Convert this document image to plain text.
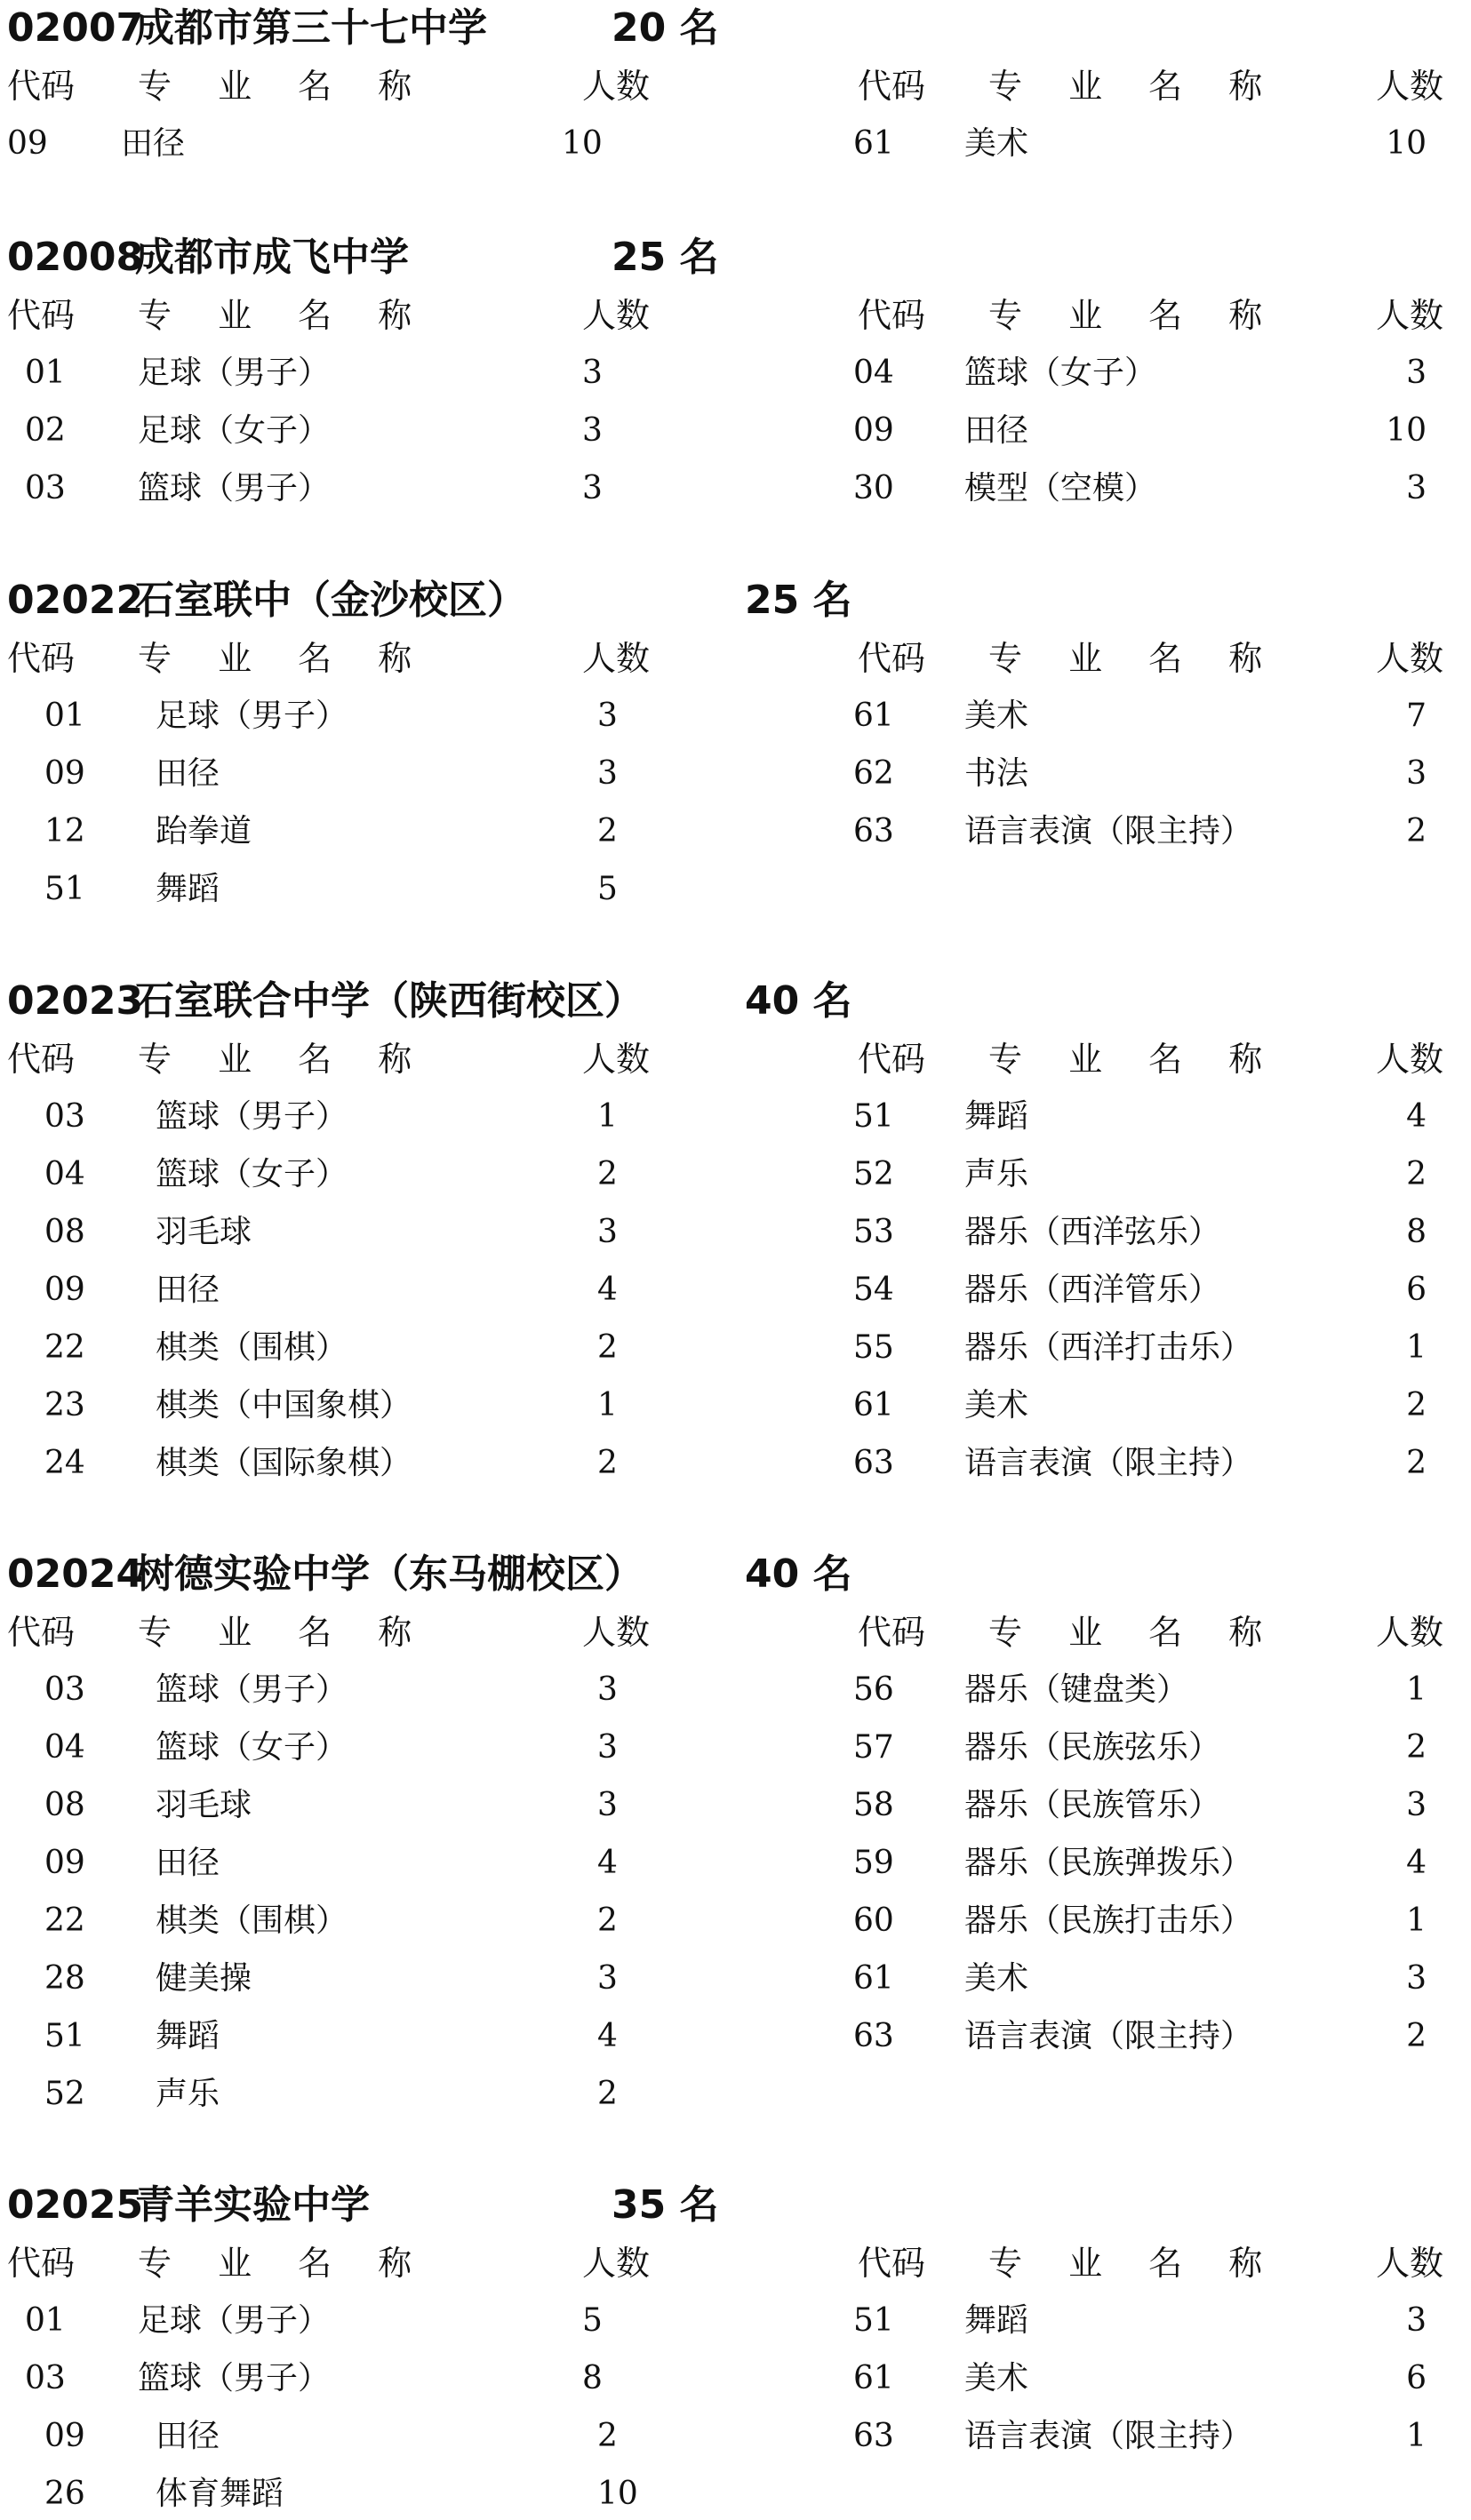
02007成都市第三十七中学	20 名
代码 专 业 名 称	人数	代码 专 业 名 称	人数
09 田径	10	61 美术	10
02008成都市成飞中学	25 名
代码 专 业 名 称	人数	代码 专 业 名 称	人数
01 足球（男子）	3	04 篮球（女子）	3
02 足球（女子）	3	09 田径	10
03 篮球（男子）	3	30 模型（空模）	3
02022石室联中（金沙校区）	25 名
代码 专 业 名 称	人数	代码 专 业 名 称	人数
01 足球（男子）	3	61 美术	7
09 田径	3	62 书法	3
12 跆拳道	2	63 语言表演（限主持）	2
51 舞蹈	5
02023石室联合中学（陕西街校区）	40 名
代码 专 业 名 称	人数	代码 专 业 名 称	人数
03 篮球（男子）	1	51 舞蹈	4
04 篮球（女子）	2	52 声乐	2
08 羽毛球	3	53 器乐（西洋弦乐）	8
09 田径	4	54 器乐（西洋管乐）	6
22 棋类（围棋）	2	55 器乐（西洋打击乐）	1
23 棋类（中国象棋）	1	61 美术	2
24 棋类（国际象棋）	2	63 语言表演（限主持）	2
02024树德实验中学（东马棚校区）	40 名
代码 专 业 名 称	人数	代码 专 业 名 称	人数
03 篮球（男子）	3	56 器乐（键盘类）	1
04 篮球（女子）	3	57 器乐（民族弦乐）	2
08 羽毛球	3	58 器乐（民族管乐）	3
09 田径	4	59 器乐（民族弹拨乐）	4
22 棋类（围棋）	2	60 器乐（民族打击乐）	1
28 健美操	3	61 美术	3
51 舞蹈	4	63 语言表演（限主持）	2
52 声乐	2
02025青羊实验中学	35 名
代码 专 业 名 称	人数	代码 专 业 名 称	人数
01 足球（男子）	5	51 舞蹈	3
03 篮球（男子）	8	61 美术	6
09 田径	2	63 语言表演（限主持）	1
26 体育舞蹈	10
